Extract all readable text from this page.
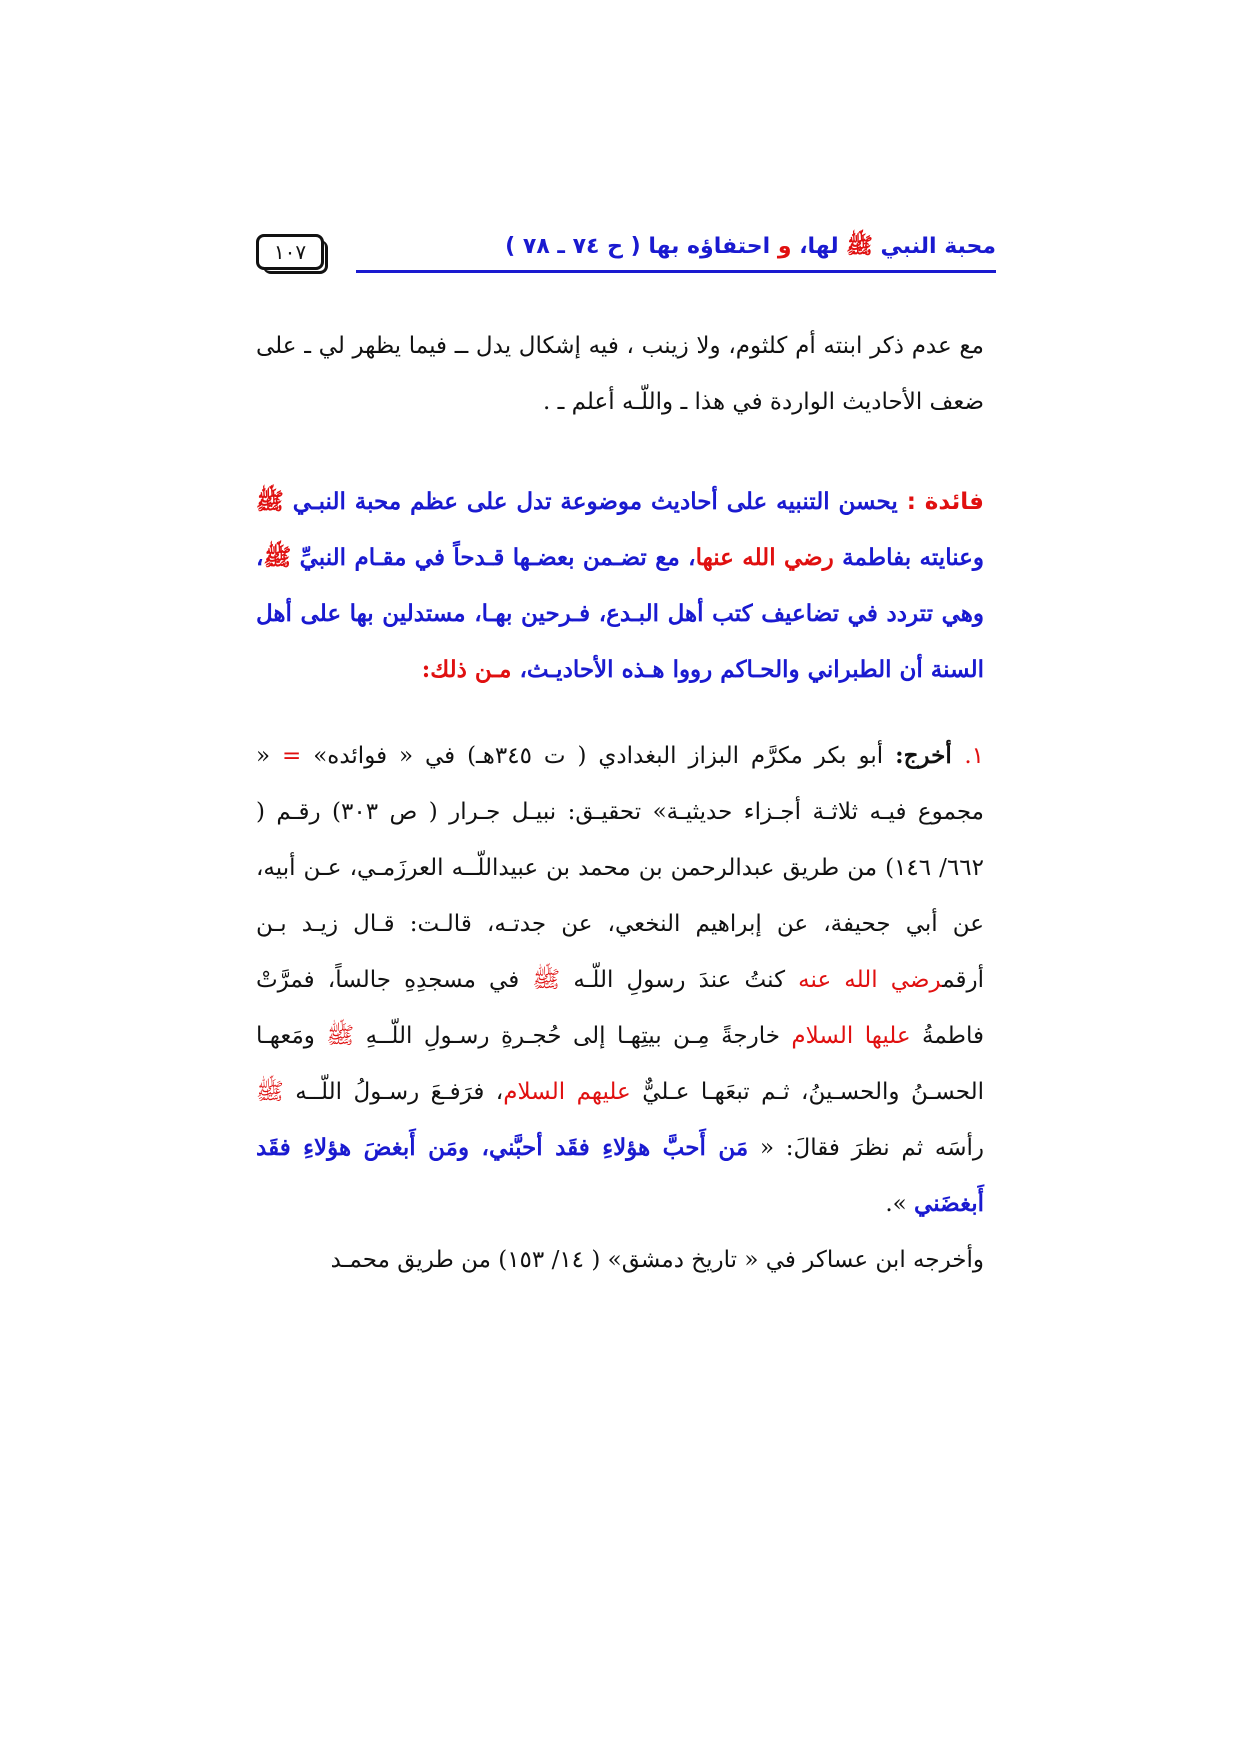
محبة النبي ﷺ لها، و احتفاؤه بها ( ح ٧٤ ـ ٧٨ )
١٠٧

مع عدم ذكر ابنته أم كلثوم، ولا زينب ، فيه إشكال يدل ــ فيما يظهر لي ـ على ضعف الأحاديث الواردة في هذا ـ واللّـه أعلم ـ .

فائدة : يحسن التنبيه على أحاديث موضوعة تدل على عظم محبة النبـي ﷺ وعنايته بفاطمة رضي الله عنها، مع تضـمن بعضـها قـدحاً في مقـام النبيِّ ﷺ، وهي تتردد في تضاعيف كتب أهل البـدع، فـرحين بهـا، مستدلين بها على أهل السنة أن الطبراني والحـاكم رووا هـذه الأحاديـث، مـن ذلك:

١. أخرج: أبو بكر مكرَّم البزاز البغدادي ( ت ٣٤٥هـ) في « فوائده» = « مجموع فيـه ثلاثـة أجـزاء حديثيـة» تحقيـق: نبيـل جـرار ( ص ٣٠٣) رقـم ( ٦٦٢/ ١٤٦) من طريق عبدالرحمن بن محمد بن عبيداللّــه العرزَمـي، عـن أبيه، عن أبي جحيفة، عن إبراهيم النخعي، عن جدتـه، قالـت: قـال زيـد بـن أرقمرضي الله عنه كنتُ عندَ رسولِ اللّـه ﷺ في مسجدِهِ جالساً، فمرَّتْ فاطمةُ عليها السلام خارجةً مِـن بيتِهـا إلى حُجـرةِ رسـولِ اللّــهِ ﷺ ومَعهـا الحسـنُ والحسـينُ، ثـم تبعَهـا عـليٌّ عليهم السلام، فرَفـعَ رسـولُ اللّــه ﷺ رأسَه ثم نظرَ فقالَ: « مَن أَحبَّ هؤلاءِ فقَد أحبَّني، ومَن أَبغضَ هؤلاءِ فقَد أَبغضَني ».

وأخرجه ابن عساكر في « تاريخ دمشق» ( ١٤/ ١٥٣) من طريق محمـد
